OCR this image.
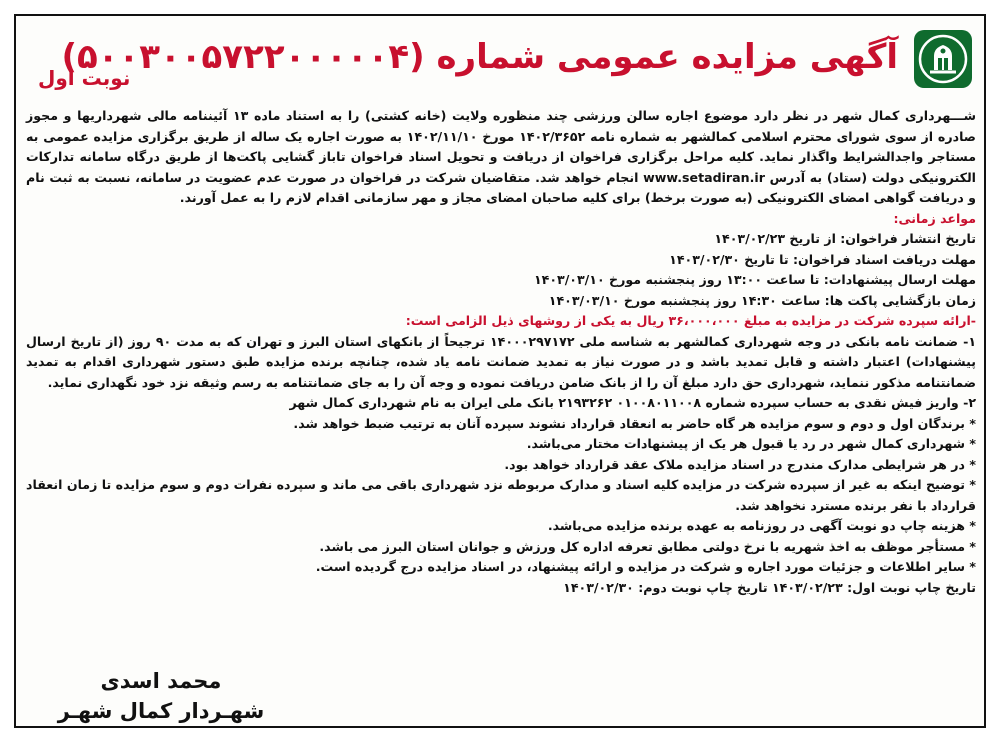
آگهی مزایده عمومی شماره (۵۰۰۳۰۰۵۷۲۲۰۰۰۰۰۴)
نوبت اول

شـــهرداری کمال شهر در نظر دارد موضوع اجاره سالن ورزشی چند منظوره ولایت (خانه کشتی) را به استناد ماده ۱۳ آئیننامه مالی شهرداریها و مجوز صادره از سوی شورای محترم اسلامی کمالشهر به شماره نامه ۱۴۰۲/۳۶۵۲ مورخ ۱۴۰۲/۱۱/۱۰ به صورت اجاره یک ساله از طریق برگزاری مزایده عمومی به مستاجر واجدالشرایط واگذار نماید. کلیه مراحل برگزاری فراخوان از دریافت و تحویل اسناد فراخوان تاباز گشایی پاکت‌ها از طریق درگاه سامانه تدارکات الکترونیکی دولت (ستاد) به آدرس www.setadiran.ir انجام خواهد شد. متقاضیان شرکت در فراخوان در صورت عدم عضویت در سامانه، نسبت به ثبت نام و دریافت گواهی امضای الکترونیکی (به صورت برخط) برای کلیه صاحبان امضای مجاز و مهر سازمانی اقدام لازم را به عمل آورند.

مواعد زمانی:

تاریخ انتشار فراخوان: از تاریخ ۱۴۰۳/۰۲/۲۳

مهلت دریافت اسناد فراخوان: تا تاریخ ۱۴۰۳/۰۲/۳۰

مهلت ارسال پیشنهادات: تا ساعت ۱۳:۰۰ روز پنجشنبه مورخ ۱۴۰۳/۰۳/۱۰

زمان بازگشایی پاکت ها: ساعت ۱۴:۳۰ روز پنجشنبه مورخ ۱۴۰۳/۰۳/۱۰

-ارائه سپرده شرکت در مزایده به مبلغ ۳۶،۰۰۰،۰۰۰ ریال به یکی از روشهای ذیل الزامی است:

۱- ضمانت نامه بانکی در وجه شهرداری کمالشهر به شناسه ملی ۱۴۰۰۰۲۹۷۱۷۲ ترجیحاً از بانکهای استان البرز و تهران که به مدت ۹۰ روز (از تاریخ ارسال پیشنهادات) اعتبار داشته و قابل تمدید باشد و در صورت نیاز به تمدید ضمانت نامه یاد شده، چنانچه برنده مزایده طبق دستور شهرداری اقدام به تمدید ضمانتنامه مذکور ننماید، شهرداری حق دارد مبلغ آن را از بانک ضامن دریافت نموده و وجه آن را به جای ضمانتنامه به رسم وثیقه نزد خود نگهداری نماید.

۲- واریز فیش نقدی به حساب سپرده شماره ۰۱۰۰۸۰۱۱۰۰۸ ۲۱۹۳۲۶۲ بانک ملی ایران به نام شهرداری کمال شهر

* برندگان اول و دوم و سوم مزایده هر گاه حاضر به انعقاد قرارداد نشوند سپرده آنان به ترتیب ضبط خواهد شد.

* شهرداری کمال شهر در رد یا قبول هر یک از پیشنهادات مختار می‌باشد.

* در هر شرایطی مدارک مندرج در اسناد مزایده ملاک عقد قرارداد خواهد بود.

* توضیح اینکه به غیر از سپرده شرکت در مزایده کلیه اسناد و مدارک مربوطه نزد شهرداری باقی می ماند و سپرده نفرات دوم و سوم مزایده تا زمان انعقاد قرارداد با نفر برنده مسترد نخواهد شد.

* هزینه چاپ دو نوبت آگهی در روزنامه به عهده برنده مزایده می‌باشد.

* مستأجر موظف به اخذ شهریه با نرخ دولتی مطابق تعرفه اداره کل ورزش و جوانان استان البرز می باشد.

* سایر اطلاعات و جزئیات مورد اجاره و شرکت در مزایده و ارائه پیشنهاد، در اسناد مزایده درج گردیده است.

تاریخ چاپ نوبت اول: ۱۴۰۳/۰۲/۲۳ تاریخ چاپ نوبت دوم: ۱۴۰۳/۰۲/۳۰

محمد اسدی
شهـردار کمال شهـر
